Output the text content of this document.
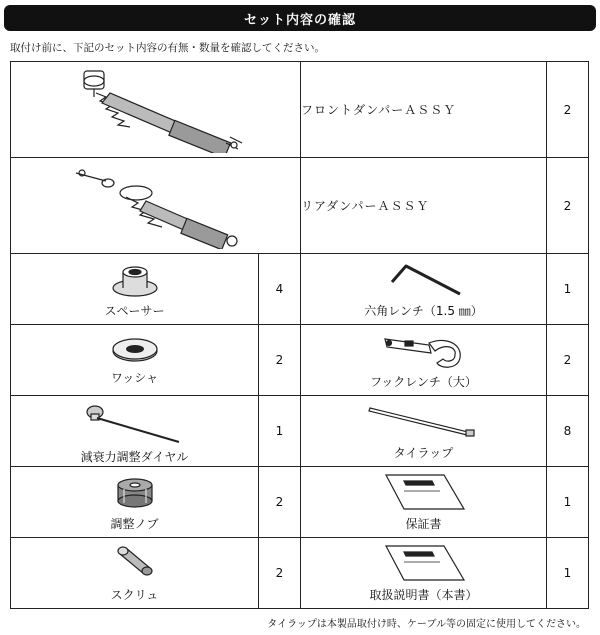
セット内容の確認
取付け前に、下記のセット内容の有無・数量を確認してください。
	フロントダンパーＡＳＳＹ	2
	リアダンパーＡＳＳＹ	2

スペーサー	4	六角レンチ（1.5 ㎜）	1

ワッシャ	2	フックレンチ（大）	2

減衰力調整ダイヤル	1	タイラップ	8

調整ノブ	2	保証書	1

スクリュ	2	取扱説明書（本書）	1
タイラップは本製品取付け時、ケーブル等の固定に使用してください。
